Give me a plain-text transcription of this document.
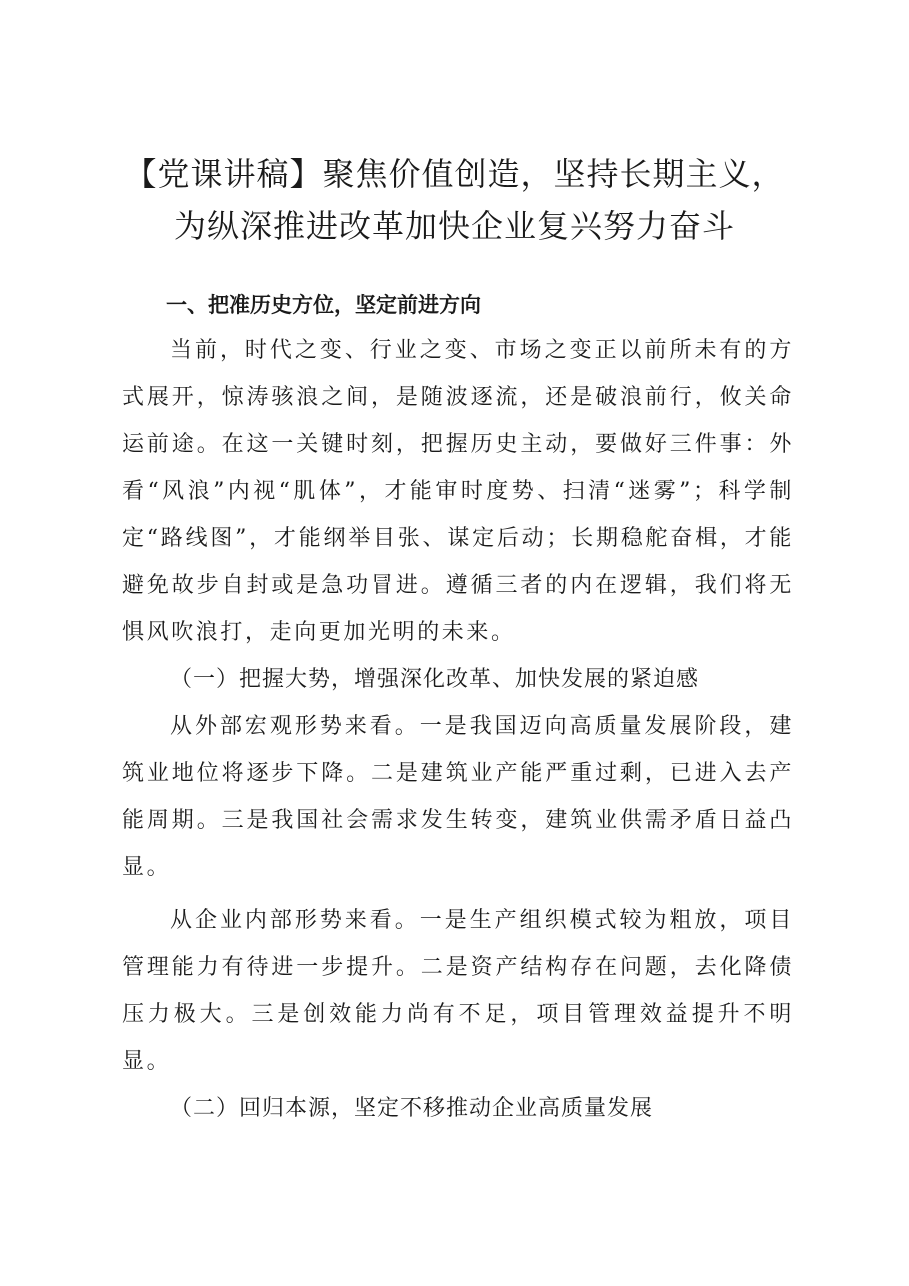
【党课讲稿】聚焦价值创造，坚持长期主义，
为纵深推进改革加快企业复兴努力奋斗

一、把准历史方位，坚定前进方向

当前，时代之变、行业之变、市场之变正以前所未有的方式展开，惊涛骇浪之间，是随波逐流，还是破浪前行，攸关命运前途。在这一关键时刻，把握历史主动，要做好三件事：外看“风浪”内视“肌体”，才能审时度势、扫清“迷雾”；科学制定“路线图”，才能纲举目张、谋定后动；长期稳舵奋楫，才能避免故步自封或是急功冒进。遵循三者的内在逻辑，我们将无惧风吹浪打，走向更加光明的未来。

（一）把握大势，增强深化改革、加快发展的紧迫感

从外部宏观形势来看。一是我国迈向高质量发展阶段，建筑业地位将逐步下降。二是建筑业产能严重过剩，已进入去产能周期。三是我国社会需求发生转变，建筑业供需矛盾日益凸显。

从企业内部形势来看。一是生产组织模式较为粗放，项目管理能力有待进一步提升。二是资产结构存在问题，去化降债压力极大。三是创效能力尚有不足，项目管理效益提升不明显。

（二）回归本源，坚定不移推动企业高质量发展
